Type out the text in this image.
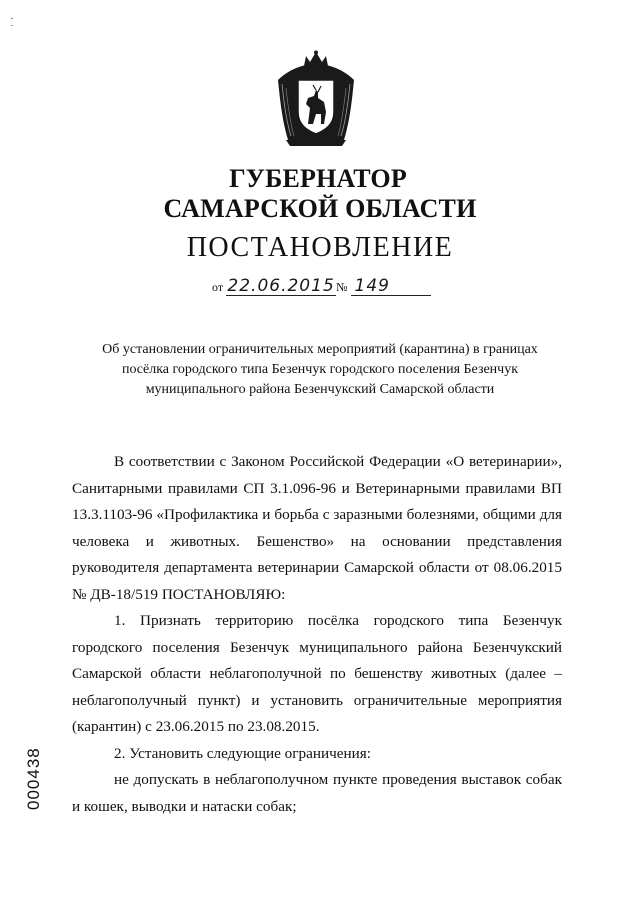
·
˙
ГУБЕРНАТОР
САМАРСКОЙ ОБЛАСТИ
ПОСТАНОВЛЕНИЕ
от 22.06.2015№ 149
Об установлении ограничительных мероприятий (карантина) в границах
посёлка городского типа Безенчук городского поселения Безенчук
муниципального района Безенчукский Самарской области

В соответствии с Законом Российской Федерации «О ветеринарии», Санитарными правилами СП 3.1.096-96 и Ветеринарными правилами ВП 13.3.1103-96 «Профилактика и борьба с заразными болезнями, общими для человека и животных. Бешенство» на основании представления руководителя департамента ветеринарии Самарской области от 08.06.2015 № ДВ-18/519 ПОСТАНОВЛЯЮ:

1. Признать территорию посёлка городского типа Безенчук городского поселения Безенчук муниципального района Безенчукский Самарской области неблагополучной по бешенству животных (далее – неблагополучный пункт) и установить ограничительные мероприятия (карантин) с 23.06.2015 по 23.08.2015.

2. Установить следующие ограничения:

не допускать в неблагополучном пункте проведения выставок собак и кошек, выводки и натаски собак;

000438
